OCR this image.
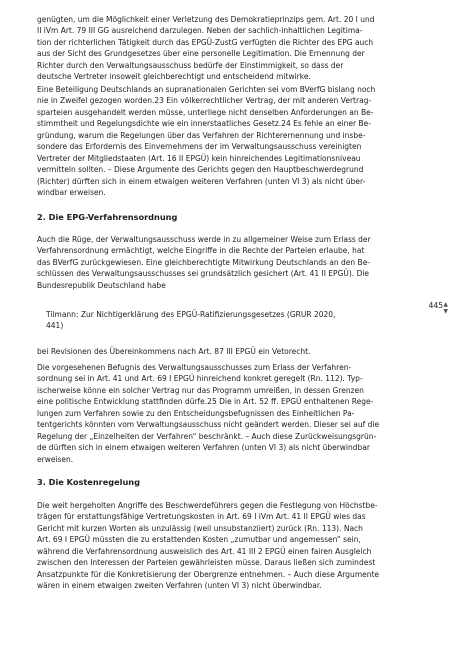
genügten, um die Möglichkeit einer Verletzung des Demokratieprinzips gem. Art. 20 I und
II iVm Art. 79 III GG ausreichend darzulegen. Neben der sachlich-inhaltlichen Legitima-
tion der richterlichen Tätigkeit durch das EPGÜ-ZustG verfügten die Richter des EPG auch
aus der Sicht des Grundgesetzes über eine personelle Legitimation. Die Ernennung der
Richter durch den Verwaltungsausschuss bedürfe der Einstimmigkeit, so dass der
deutsche Vertreter insoweit gleichberechtigt und entscheidend mitwirke.

Eine Beteiligung Deutschlands an supranationalen Gerichten sei vom BVerfG bislang noch
nie in Zweifel gezogen worden.23 Ein völkerrechtlicher Vertrag, der mit anderen Vertrag-
sparteien ausgehandelt werden müsse, unterliege nicht denselben Anforderungen an Be-
stimmtheit und Regelungsdichte wie ein innerstaatliches Gesetz.24 Es fehle an einer Be-
gründung, warum die Regelungen über das Verfahren der Richterernennung und insbe-
sondere das Erfordernis des Einvernehmens der im Verwaltungsausschuss vereinigten
Vertreter der Mitgliedstaaten (Art. 16 II EPGÜ) kein hinreichendes Legitimationsniveau
vermitteln sollten. – Diese Argumente des Gerichts gegen den Hauptbeschwerdegrund
(Richter) dürften sich in einem etwaigen weiteren Verfahren (unten VI 3) als nicht über-
windbar erweisen.

2. Die EPG-Verfahrensordnung

Auch die Rüge, der Verwaltungsausschuss werde in zu allgemeiner Weise zum Erlass der
Verfahrensordnung ermächtigt, welche Eingriffe in die Rechte der Parteien erlaube, hat
das BVerfG zurückgewiesen. Eine gleichberechtigte Mitwirkung Deutschlands an den Be-
schlüssen des Verwaltungsausschusses sei grundsätzlich gesichert (Art. 41 II EPGÜ). Die
Bundesrepublik Deutschland habe

Tilmann: Zur Nichtigerklärung des EPGÜ-Ratifizierungsgesetzes (GRUR 2020,
441)
445 ▲
▼

bei Revisionen des Übereinkommens nach Art. 87 III EPGÜ ein Vetorecht.

Die vorgesehenen Befugnis des Verwaltungsausschusses zum Erlass der Verfahren-
sordnung sei in Art. 41 und Art. 69 I EPGÜ hinreichend konkret geregelt (Rn. 112). Typ-
ischerweise könne ein solcher Vertrag nur das Programm umreißen, in dessen Grenzen
eine politische Entwicklung stattfinden dürfe.25 Die in Art. 52 ff. EPGÜ enthaltenen Rege-
lungen zum Verfahren sowie zu den Entscheidungsbefugnissen des Einheitlichen Pa-
tentgerichts könnten vom Verwaltungsausschuss nicht geändert werden. Dieser sei auf die
Regelung der „Einzelheiten der Verfahren“ beschränkt. – Auch diese Zurückweisungsgrün-
de dürften sich in einem etwaigen weiteren Verfahren (unten VI 3) als nicht überwindbar
erweisen.

3. Die Kostenregelung

Die weit hergeholten Angriffe des Beschwerdeführers gegen die Festlegung von Höchstbe-
trägen für erstattungsfähige Vertretungskosten in Art. 69 I iVm Art. 41 II EPGÜ wies das
Gericht mit kurzen Worten als unzulässig (weil unsubstanziiert) zurück (Rn. 113). Nach
Art. 69 I EPGÜ müssten die zu erstattenden Kosten „zumutbar und angemessen“ sein,
während die Verfahrensordnung ausweislich des Art. 41 III 2 EPGÜ einen fairen Ausgleich
zwischen den Interessen der Parteien gewährleisten müsse. Daraus ließen sich zumindest
Ansatzpunkte für die Konkretisierung der Obergrenze entnehmen. – Auch diese Argumente
wären in einem etwaigen zweiten Verfahren (unten VI 3) nicht überwindbar.
